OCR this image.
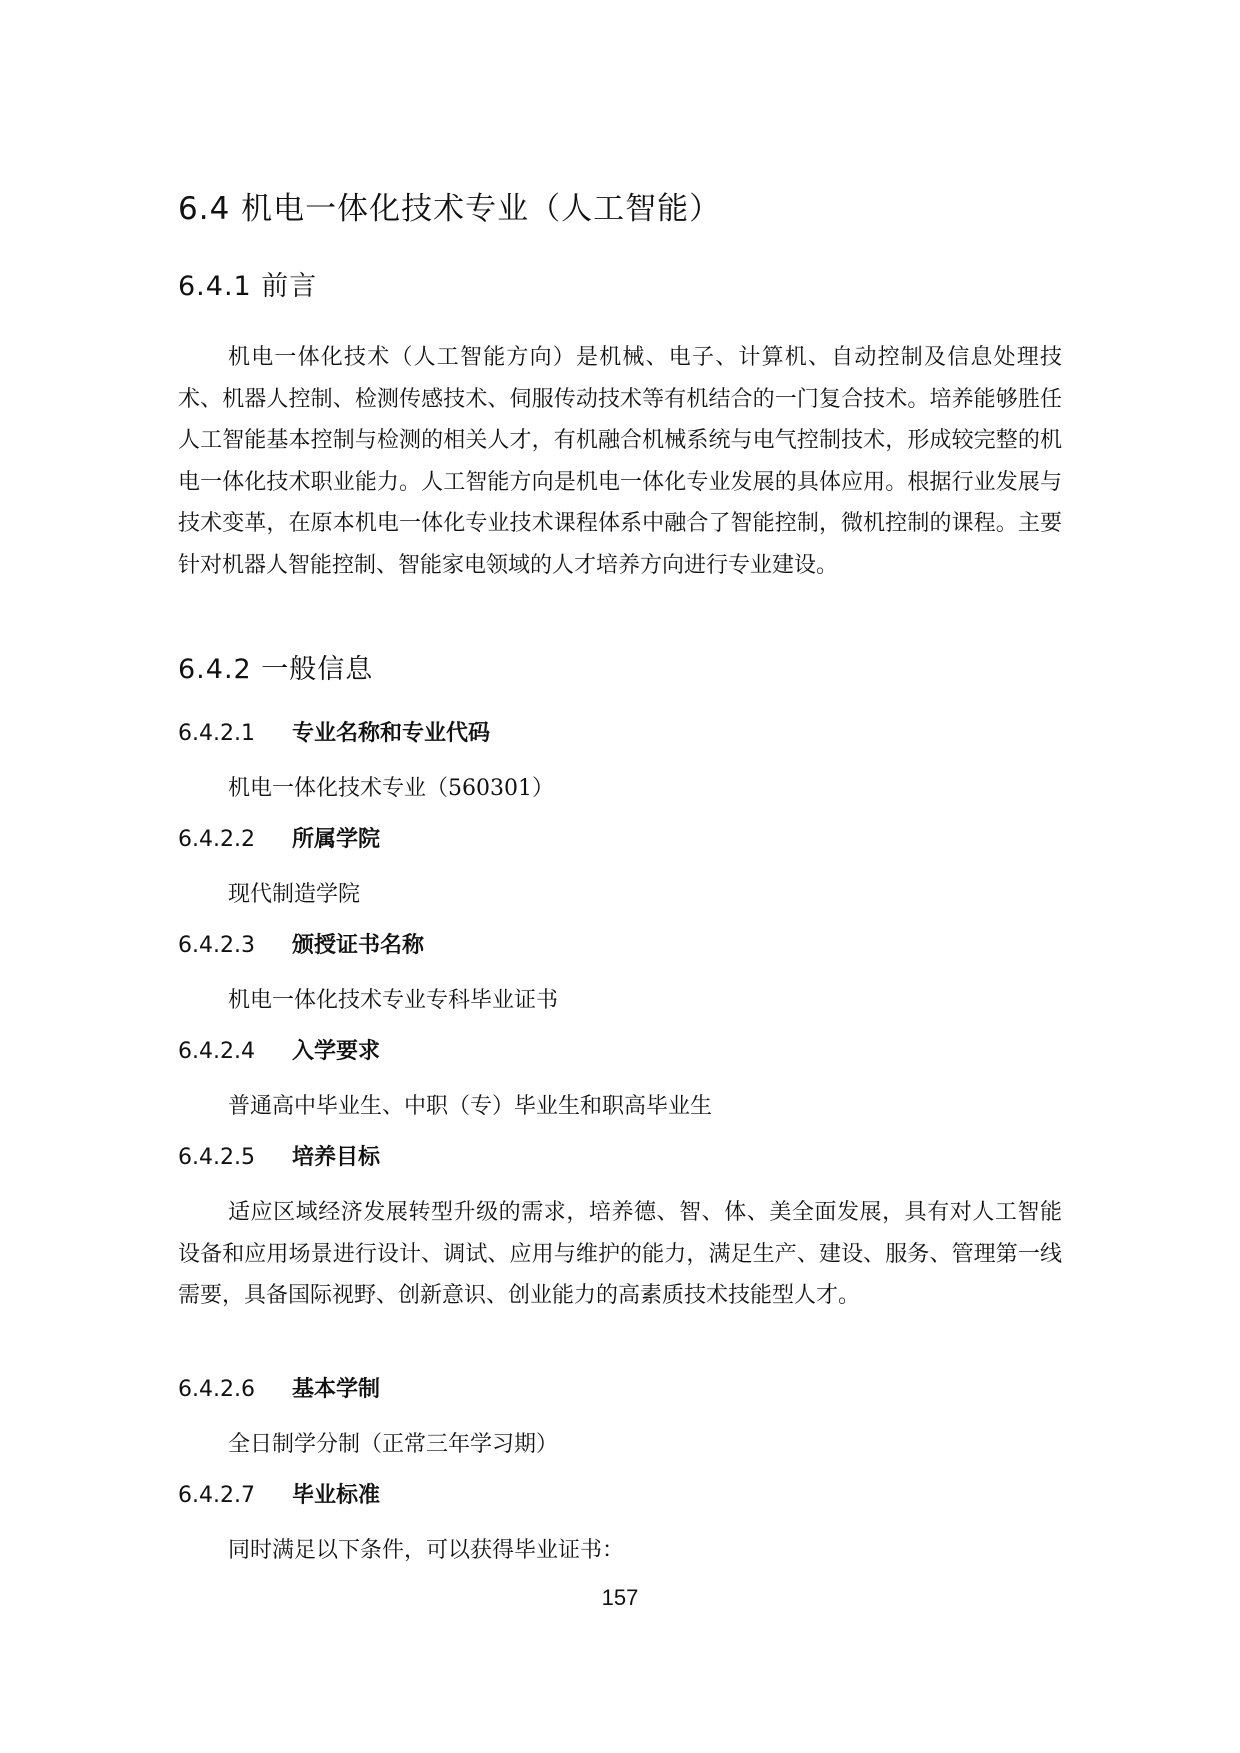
6.4 机电一体化技术专业（人工智能）
6.4.1 前言

机电一体化技术（人工智能方向）是机械、电子、计算机、自动控制及信息处理技术、机器人控制、检测传感技术、伺服传动技术等有机结合的一门复合技术。培养能够胜任人工智能基本控制与检测的相关人才，有机融合机械系统与电气控制技术，形成较完整的机电一体化技术职业能力。人工智能方向是机电一体化专业发展的具体应用。根据行业发展与技术变革，在原本机电一体化专业技术课程体系中融合了智能控制，微机控制的课程。主要针对机器人智能控制、智能家电领域的人才培养方向进行专业建设。

6.4.2 一般信息
6.4.2.1 专业名称和专业代码

机电一体化技术专业（560301）

6.4.2.2 所属学院

现代制造学院

6.4.2.3 颁授证书名称

机电一体化技术专业专科毕业证书

6.4.2.4 入学要求

普通高中毕业生、中职（专）毕业生和职高毕业生

6.4.2.5 培养目标

适应区域经济发展转型升级的需求，培养德、智、体、美全面发展，具有对人工智能设备和应用场景进行设计、调试、应用与维护的能力，满足生产、建设、服务、管理第一线需要，具备国际视野、创新意识、创业能力的高素质技术技能型人才。

6.4.2.6 基本学制

全日制学分制（正常三年学习期）

6.4.2.7 毕业标准

同时满足以下条件，可以获得毕业证书：

157
